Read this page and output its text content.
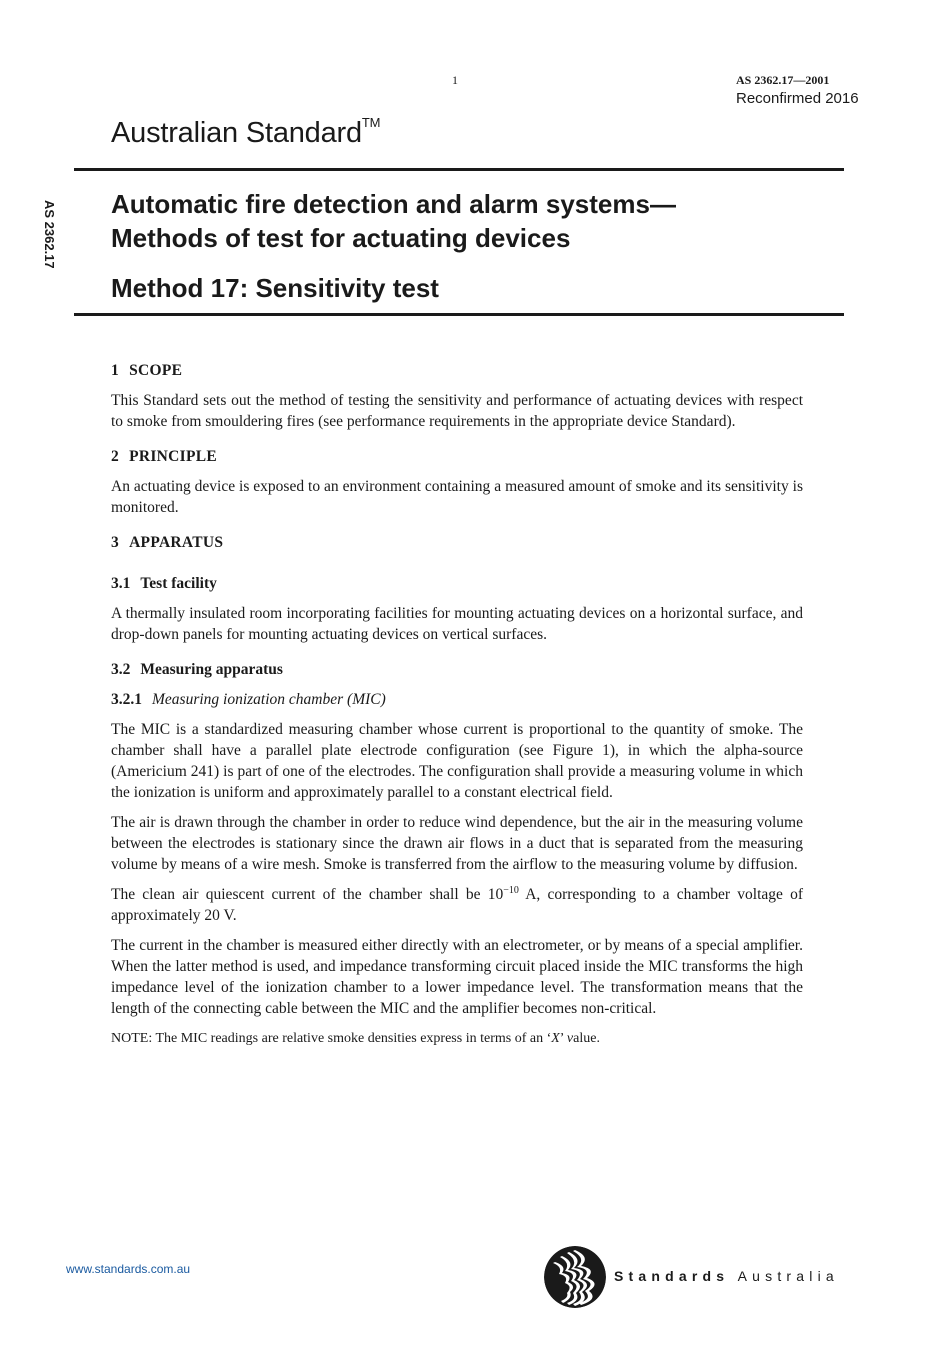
1	AS 2362.17—2001
Reconfirmed 2016
Australian Standard™
AS 2362.17 Automatic fire detection and alarm systems—
Methods of test for actuating devices
Method 17: Sensitivity test
1 SCOPE

This Standard sets out the method of testing the sensitivity and performance of actuating devices with respect to smoke from smouldering fires (see performance requirements in the appropriate device Standard).

2 PRINCIPLE

An actuating device is exposed to an environment containing a measured amount of smoke and its sensitivity is monitored.

3 APPARATUS
3.1 Test facility

A thermally insulated room incorporating facilities for mounting actuating devices on a horizontal surface, and drop-down panels for mounting actuating devices on vertical surfaces.

3.2 Measuring apparatus
3.2.1 Measuring ionization chamber (MIC)

The MIC is a standardized measuring chamber whose current is proportional to the quantity of smoke. The chamber shall have a parallel plate electrode configuration (see Figure 1), in which the alpha-source (Americium 241) is part of one of the electrodes. The configuration shall provide a measuring volume in which the ionization is uniform and approximately parallel to a constant electrical field.

The air is drawn through the chamber in order to reduce wind dependence, but the air in the measuring volume between the electrodes is stationary since the drawn air flows in a duct that is separated from the measuring volume by means of a wire mesh. Smoke is transferred from the airflow to the measuring volume by diffusion.

The clean air quiescent current of the chamber shall be $10^{-10}$ A, corresponding to a chamber voltage of approximately 20 V.

The current in the chamber is measured either directly with an electrometer, or by means of a special amplifier. When the latter method is used, and impedance transforming circuit placed inside the MIC transforms the high impedance level of the ionization chamber to a lower impedance level. The transformation means that the length of the connecting cable between the MIC and the amplifier becomes non-critical.

NOTE: The MIC readings are relative smoke densities express in terms of an ‘X’ value.

www.standards.com.au	Standards Australia
